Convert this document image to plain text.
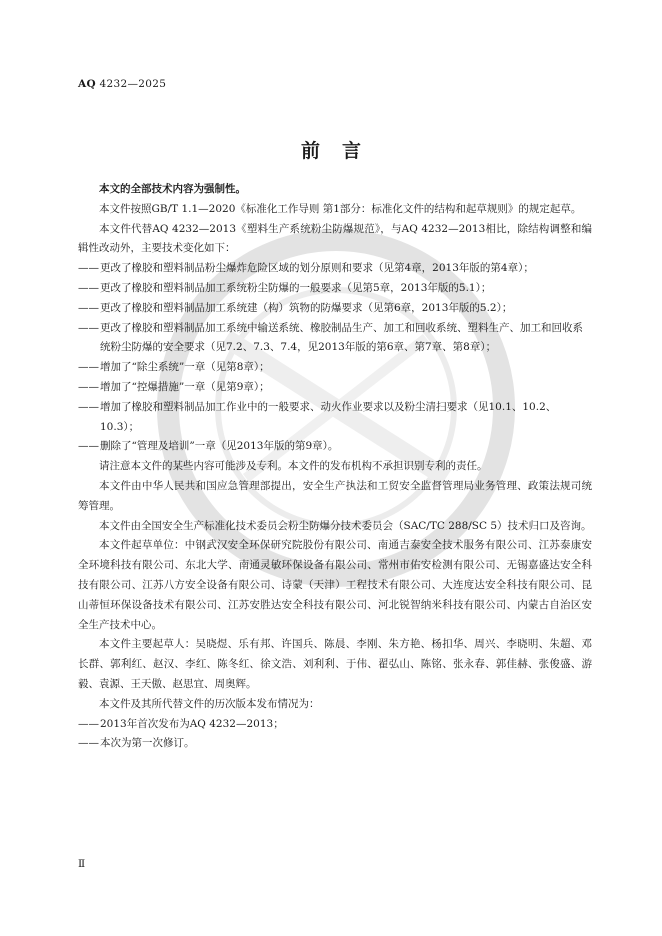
AQ 4232—2025
前言

本文的全部技术内容为强制性。

本文件按照GB/T 1.1—2020《标准化工作导则 第1部分：标准化文件的结构和起草规则》的规定起草。

本文件代替AQ 4232—2013《塑料生产系统粉尘防爆规范》，与AQ 4232—2013相比，除结构调整和编辑性改动外，主要技术变化如下：

—— 更改了橡胶和塑料制品粉尘爆炸危险区域的划分原则和要求（见第4章，2013年版的第4章）；
—— 更改了橡胶和塑料制品加工系统粉尘防爆的一般要求（见第5章，2013年版的5.1）；
—— 更改了橡胶和塑料制品加工系统建（构）筑物的防爆要求（见第6章，2013年版的5.2）；
—— 更改了橡胶和塑料制品加工系统中输送系统、橡胶制品生产、加工和回收系统、塑料生产、加工和回收系统粉尘防爆的安全要求（见7.2、7.3、7.4，见2013年版的第6章、第7章、第8章）；
—— 增加了“除尘系统”一章（见第8章）；
—— 增加了“控爆措施”一章（见第9章）；
—— 增加了橡胶和塑料制品加工作业中的一般要求、动火作业要求以及粉尘清扫要求（见10.1、10.2、10.3）；
—— 删除了“管理及培训”一章（见2013年版的第9章）。

请注意本文件的某些内容可能涉及专利。本文件的发布机构不承担识别专利的责任。

本文件由中华人民共和国应急管理部提出，安全生产执法和工贸安全监督管理局业务管理、政策法规司统筹管理。

本文件由全国安全生产标准化技术委员会粉尘防爆分技术委员会（SAC/TC 288/SC 5）技术归口及咨询。

本文件起草单位：中钢武汉安全环保研究院股份有限公司、南通吉泰安全技术服务有限公司、江苏泰康安全环境科技有限公司、东北大学、南通灵敏环保设备有限公司、常州市佑安检测有限公司、无锡嘉盛达安全科技有限公司、江苏八方安全设备有限公司、诗蒙（天津）工程技术有限公司、大连度达安全科技有限公司、昆山蒂恒环保设备技术有限公司、江苏安胜达安全科技有限公司、河北锐智纳米科技有限公司、内蒙古自治区安全生产技术中心。

本文件主要起草人：吴晓煜、乐有邦、许国兵、陈晨、李刚、朱方艳、杨扣华、周兴、李晓明、朱超、邓长群、郭利红、赵汉、李红、陈冬红、徐文浩、刘利利、于伟、翟弘山、陈铭、张永春、郭佳赫、张俊盛、游毅、袁源、王天傲、赵思宜、周奥辉。

本文件及其所代替文件的历次版本发布情况为：

—— 2013年首次发布为AQ 4232—2013；
—— 本次为第一次修订。
Ⅱ
